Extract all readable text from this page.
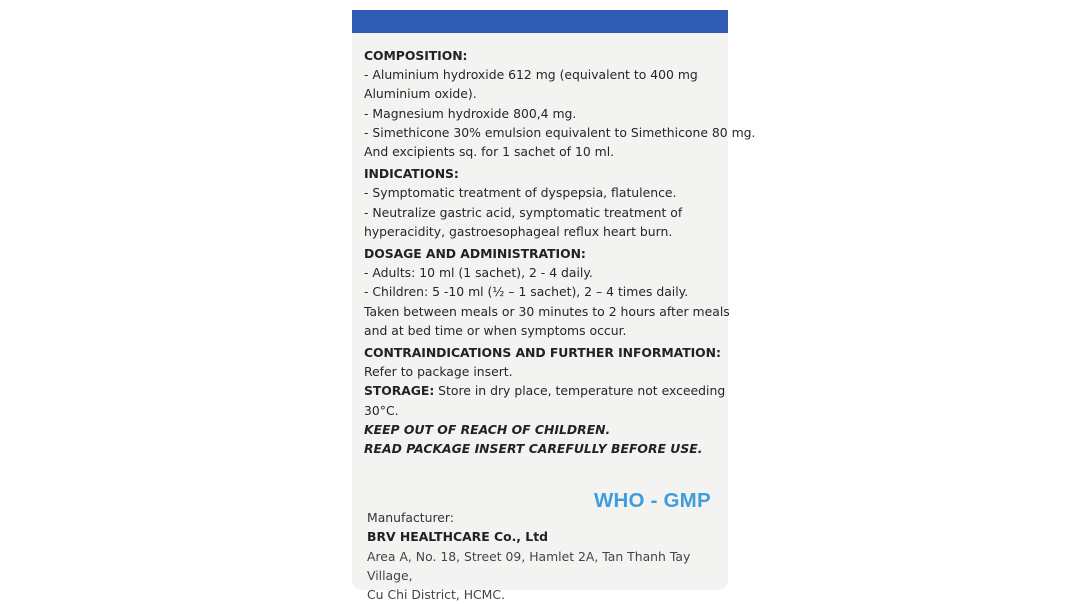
COMPOSITION:
- Aluminium hydroxide 612 mg (equivalent to 400 mg
Aluminium oxide).
- Magnesium hydroxide 800,4 mg.
- Simethicone 30% emulsion equivalent to Simethicone 80 mg.
And excipients sq. for 1 sachet of 10 ml.
INDICATIONS:
- Symptomatic treatment of dyspepsia, flatulence.
- Neutralize gastric acid, symptomatic treatment of
hyperacidity, gastroesophageal reflux heart burn.
DOSAGE AND ADMINISTRATION:
- Adults: 10 ml (1 sachet), 2 - 4 daily.
- Children: 5 -10 ml (½ – 1 sachet), 2 – 4 times daily.
Taken between meals or 30 minutes to 2 hours after meals
and at bed time or when symptoms occur.
CONTRAINDICATIONS AND FURTHER INFORMATION:
Refer to package insert.
STORAGE: Store in dry place, temperature not exceeding
30°C.
KEEP OUT OF REACH OF CHILDREN.
READ PACKAGE INSERT CAREFULLY BEFORE USE.
WHO - GMP
Manufacturer:
BRV HEALTHCARE Co., Ltd
Area A, No. 18, Street 09, Hamlet 2A, Tan Thanh Tay Village,
Cu Chi District, HCMC.
